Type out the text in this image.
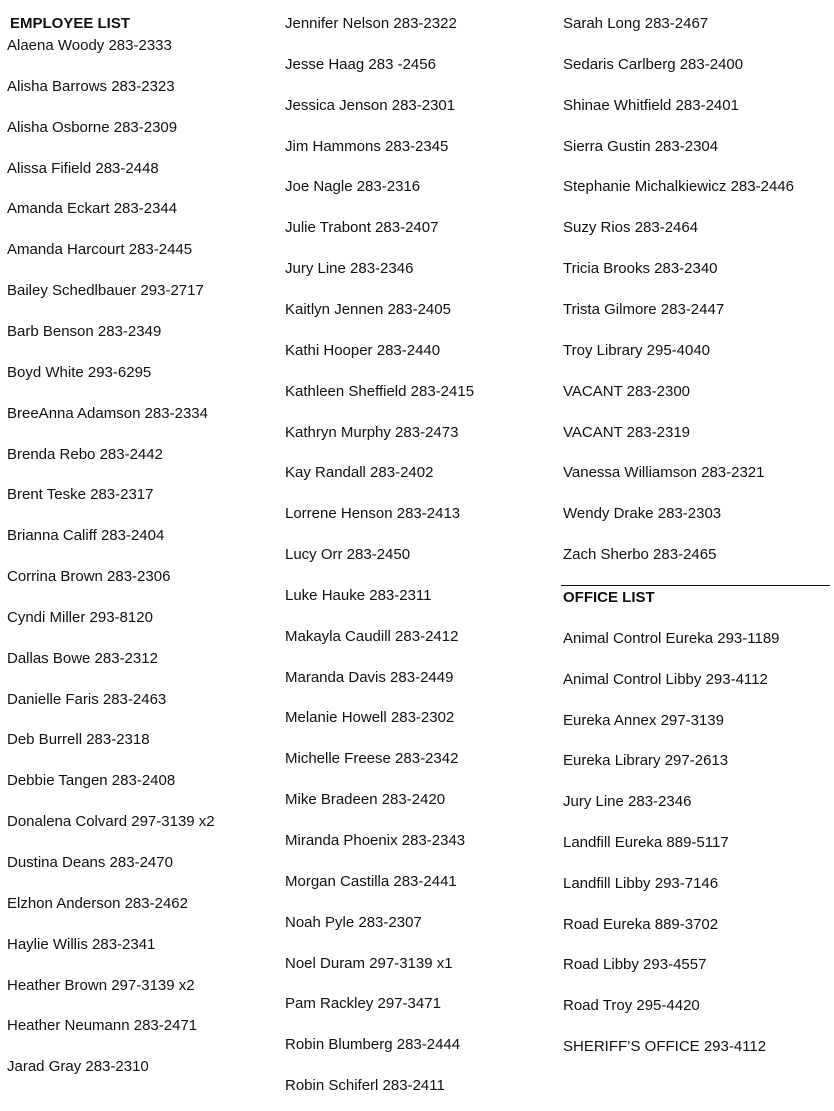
EMPLOYEE LIST
Alaena Woody 283-2333
Alisha Barrows 283-2323
Alisha Osborne 283-2309
Alissa Fifield 283-2448
Amanda Eckart 283-2344
Amanda Harcourt 283-2445
Bailey Schedlbauer 293-2717
Barb Benson 283-2349
Boyd White 293-6295
BreeAnna Adamson 283-2334
Brenda Rebo 283-2442
Brent Teske 283-2317
Brianna Califf 283-2404
Corrina Brown 283-2306
Cyndi Miller 293-8120
Dallas Bowe 283-2312
Danielle Faris 283-2463
Deb Burrell 283-2318
Debbie Tangen 283-2408
Donalena Colvard 297-3139 x2
Dustina Deans 283-2470
Elzhon Anderson 283-2462
Haylie Willis 283-2341
Heather Brown 297-3139 x2
Heather Neumann 283-2471
Jarad Gray 283-2310
Jennifer Nelson 283-2322
Jesse Haag 283 -2456
Jessica Jenson 283-2301
Jim Hammons 283-2345
Joe Nagle 283-2316
Julie Trabont 283-2407
Jury Line 283-2346
Kaitlyn Jennen 283-2405
Kathi Hooper 283-2440
Kathleen Sheffield 283-2415
Kathryn Murphy 283-2473
Kay Randall 283-2402
Lorrene Henson 283-2413
Lucy Orr 283-2450
Luke Hauke 283-2311
Makayla Caudill 283-2412
Maranda Davis 283-2449
Melanie Howell 283-2302
Michelle Freese 283-2342
Mike Bradeen 283-2420
Miranda Phoenix 283-2343
Morgan Castilla 283-2441
Noah Pyle 283-2307
Noel Duram 297-3139 x1
Pam Rackley 297-3471
Robin Blumberg 283-2444
Robin Schiferl 283-2411
OFFICE LIST
Sarah Long 283-2467
Sedaris Carlberg 283-2400
Shinae Whitfield 283-2401
Sierra Gustin 283-2304
Stephanie Michalkiewicz 283-2446
Suzy Rios 283-2464
Tricia Brooks 283-2340
Trista Gilmore 283-2447
Troy Library 295-4040
VACANT 283-2300
VACANT 283-2319
Vanessa Williamson 283-2321
Wendy Drake 283-2303
Zach Sherbo 283-2465
Animal Control Eureka 293-1189
Animal Control Libby 293-4112
Eureka Annex 297-3139
Eureka Library 297-2613
Jury Line 283-2346
Landfill Eureka 889-5117
Landfill Libby 293-7146
Road Eureka 889-3702
Road Libby 293-4557
Road Troy 295-4420
SHERIFF’S OFFICE 293-4112
